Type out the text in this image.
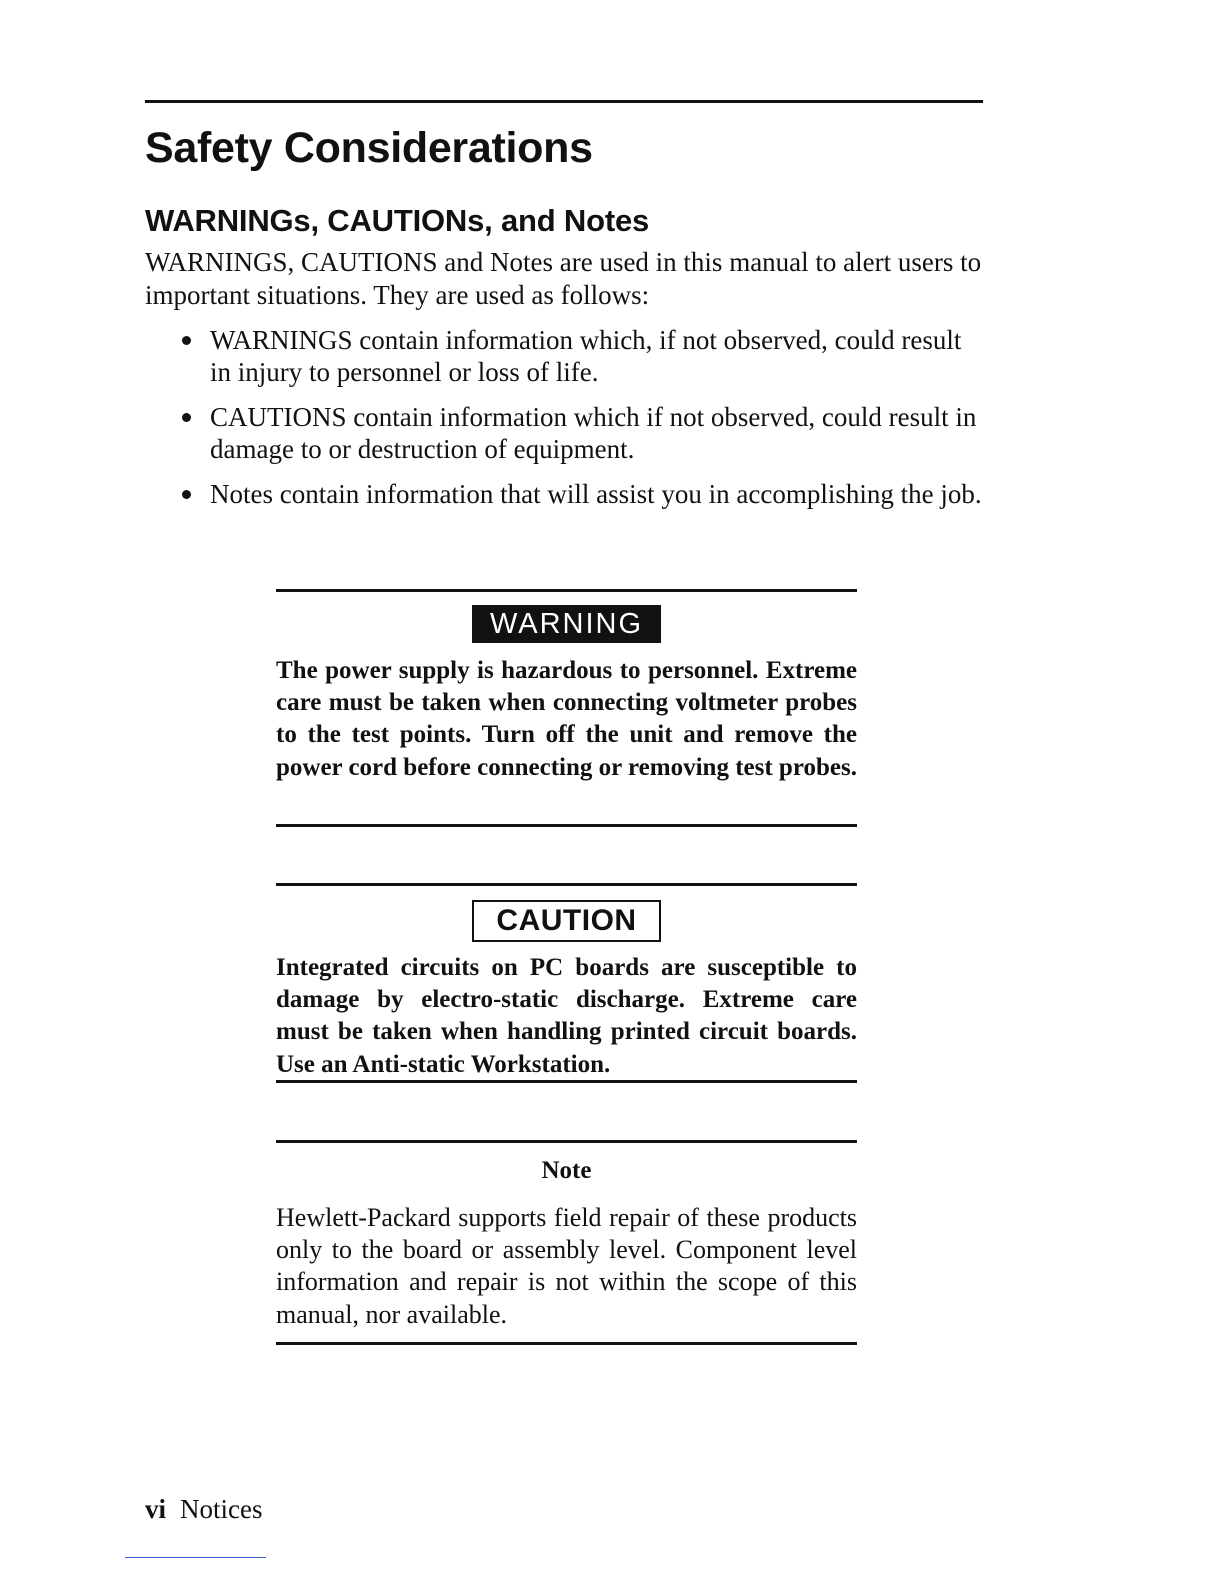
Safety Considerations
WARNINGs, CAUTIONs, and Notes

WARNINGS, CAUTIONS and Notes are used in this manual to alert users to important situations. They are used as follows:

WARNINGS contain information which, if not observed, could result in injury to personnel or loss of life.
CAUTIONS contain information which if not observed, could result in damage to or destruction of equipment.
Notes contain information that will assist you in accomplishing the job.
WARNING

The power supply is hazardous to personnel. Extreme care must be taken when connecting voltmeter probes to the test points. Turn off the unit and remove the power cord before connecting or removing test probes.

CAUTION

Integrated circuits on PC boards are susceptible to damage by electro-static discharge. Extreme care must be taken when handling printed circuit boards. Use an Anti-static Workstation.

Note

Hewlett-Packard supports field repair of these products only to the board or assembly level. Component level information and repair is not within the scope of this manual, nor available.

vi Notices
